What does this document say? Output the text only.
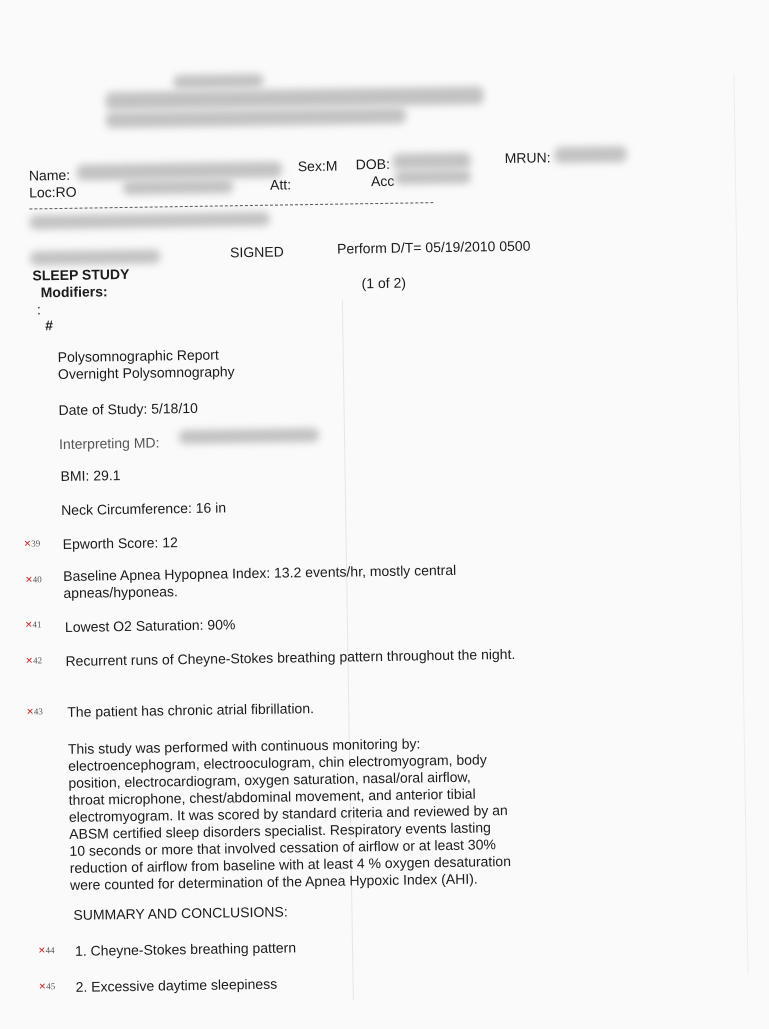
Name:
Sex:M DOB:	MRUN:
Loc:RO	Att:	Acc
SIGNED	Perform D/T= 05/19/2010 0500
SLEEP STUDY
Modifiers:
(1 of 2)
:
#
Polysomnographic Report
Overnight Polysomnography
Date of Study: 5/18/10
Interpreting MD:
BMI: 29.1
Neck Circumference: 16 in
✕39 Epworth Score: 12
✕40 Baseline Apnea Hypopnea Index: 13.2 events/hr, mostly central
apneas/hyponeas.
✕41 Lowest O2 Saturation: 90%
✕42 Recurrent runs of Cheyne-Stokes breathing pattern throughout the night.
✕43 The patient has chronic atrial fibrillation.
This study was performed with continuous monitoring by:
electroencephogram, electrooculogram, chin electromyogram, body
position, electrocardiogram, oxygen saturation, nasal/oral airflow,
throat microphone, chest/abdominal movement, and anterior tibial
electromyogram. It was scored by standard criteria and reviewed by an
ABSM certified sleep disorders specialist. Respiratory events lasting
10 seconds or more that involved cessation of airflow or at least 30%
reduction of airflow from baseline with at least 4 % oxygen desaturation
were counted for determination of the Apnea Hypoxic Index (AHI).
SUMMARY AND CONCLUSIONS:
✕44 1. Cheyne-Stokes breathing pattern
✕45 2. Excessive daytime sleepiness
